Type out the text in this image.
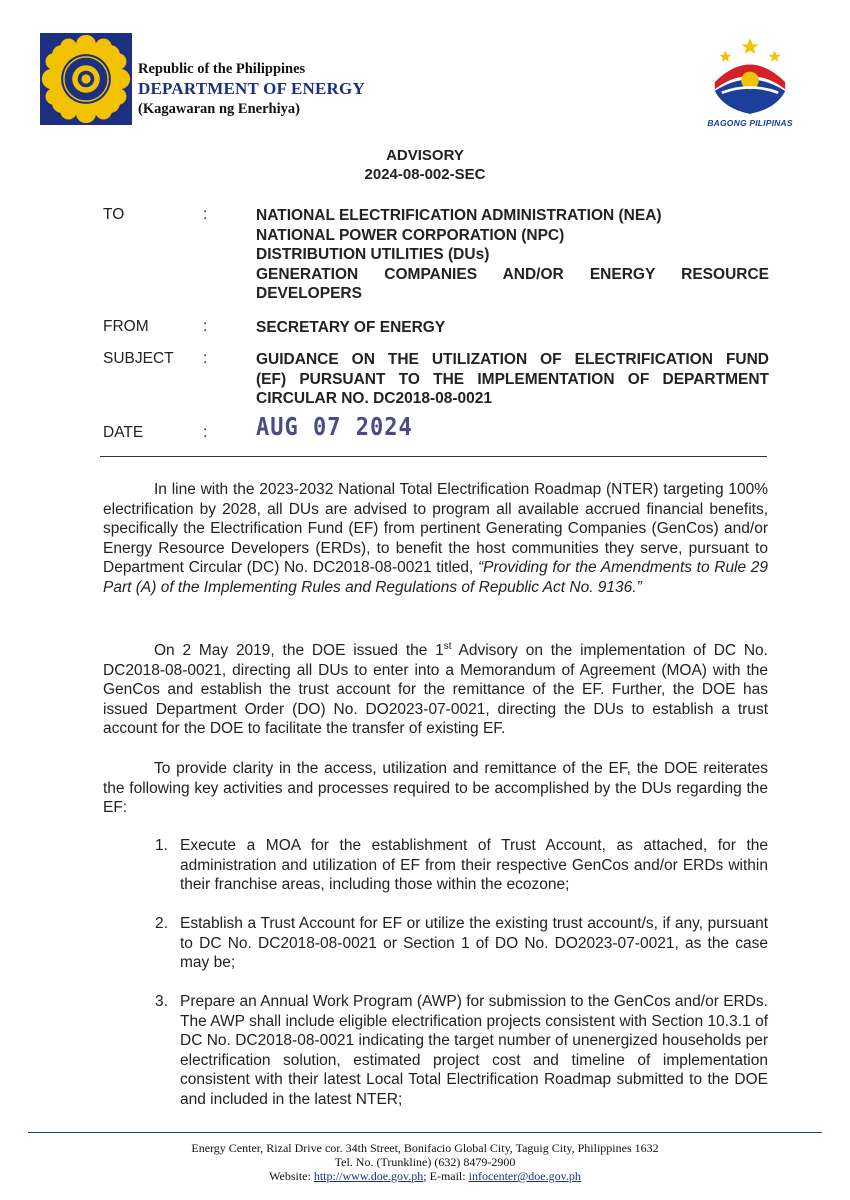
Republic of the Philippines
DEPARTMENT OF ENERGY
(Kagawaran ng Enerhiya)
BAGONG PILIPINAS
ADVISORY
2024-08-002-SEC
TO	:	NATIONAL ELECTRIFICATION ADMINISTRATION (NEA)
NATIONAL POWER CORPORATION (NPC)
DISTRIBUTION UTILITIES (DUs)
GENERATION COMPANIES AND/OR ENERGY RESOURCE
DEVELOPERS
FROM	:	SECRETARY OF ENERGY
SUBJECT	:	GUIDANCE ON THE UTILIZATION OF ELECTRIFICATION FUND
(EF) PURSUANT TO THE IMPLEMENTATION OF DEPARTMENT
CIRCULAR NO. DC2018-08-0021
DATE	: AUG 07 2024

In line with the 2023-2032 National Total Electrification Roadmap (NTER) targeting 100% electrification by 2028, all DUs are advised to program all available accrued financial benefits, specifically the Electrification Fund (EF) from pertinent Generating Companies (GenCos) and/or Energy Resource Developers (ERDs), to benefit the host communities they serve, pursuant to Department Circular (DC) No. DC2018-08-0021 titled, “Providing for the Amendments to Rule 29 Part (A) of the Implementing Rules and Regulations of Republic Act No. 9136.”

On 2 May 2019, the DOE issued the 1st Advisory on the implementation of DC No. DC2018-08-0021, directing all DUs to enter into a Memorandum of Agreement (MOA) with the GenCos and establish the trust account for the remittance of the EF. Further, the DOE has issued Department Order (DO) No. DO2023-07-0021, directing the DUs to establish a trust account for the DOE to facilitate the transfer of existing EF.

To provide clarity in the access, utilization and remittance of the EF, the DOE reiterates the following key activities and processes required to be accomplished by the DUs regarding the EF:

1. Execute a MOA for the establishment of Trust Account, as attached, for the administration and utilization of EF from their respective GenCos and/or ERDs within their franchise areas, including those within the ecozone;
2. Establish a Trust Account for EF or utilize the existing trust account/s, if any, pursuant to DC No. DC2018-08-0021 or Section 1 of DO No. DO2023-07-0021, as the case may be;
3. Prepare an Annual Work Program (AWP) for submission to the GenCos and/or ERDs. The AWP shall include eligible electrification projects consistent with Section 10.3.1 of DC No. DC2018-08-0021 indicating the target number of unenergized households per electrification solution, estimated project cost and timeline of implementation consistent with their latest Local Total Electrification Roadmap submitted to the DOE and included in the latest NTER;
Energy Center, Rizal Drive cor. 34th Street, Bonifacio Global City, Taguig City, Philippines 1632
Tel. No. (Trunkline) (632) 8479-2900
Website: http://www.doe.gov.ph; E-mail: infocenter@doe.gov.ph
